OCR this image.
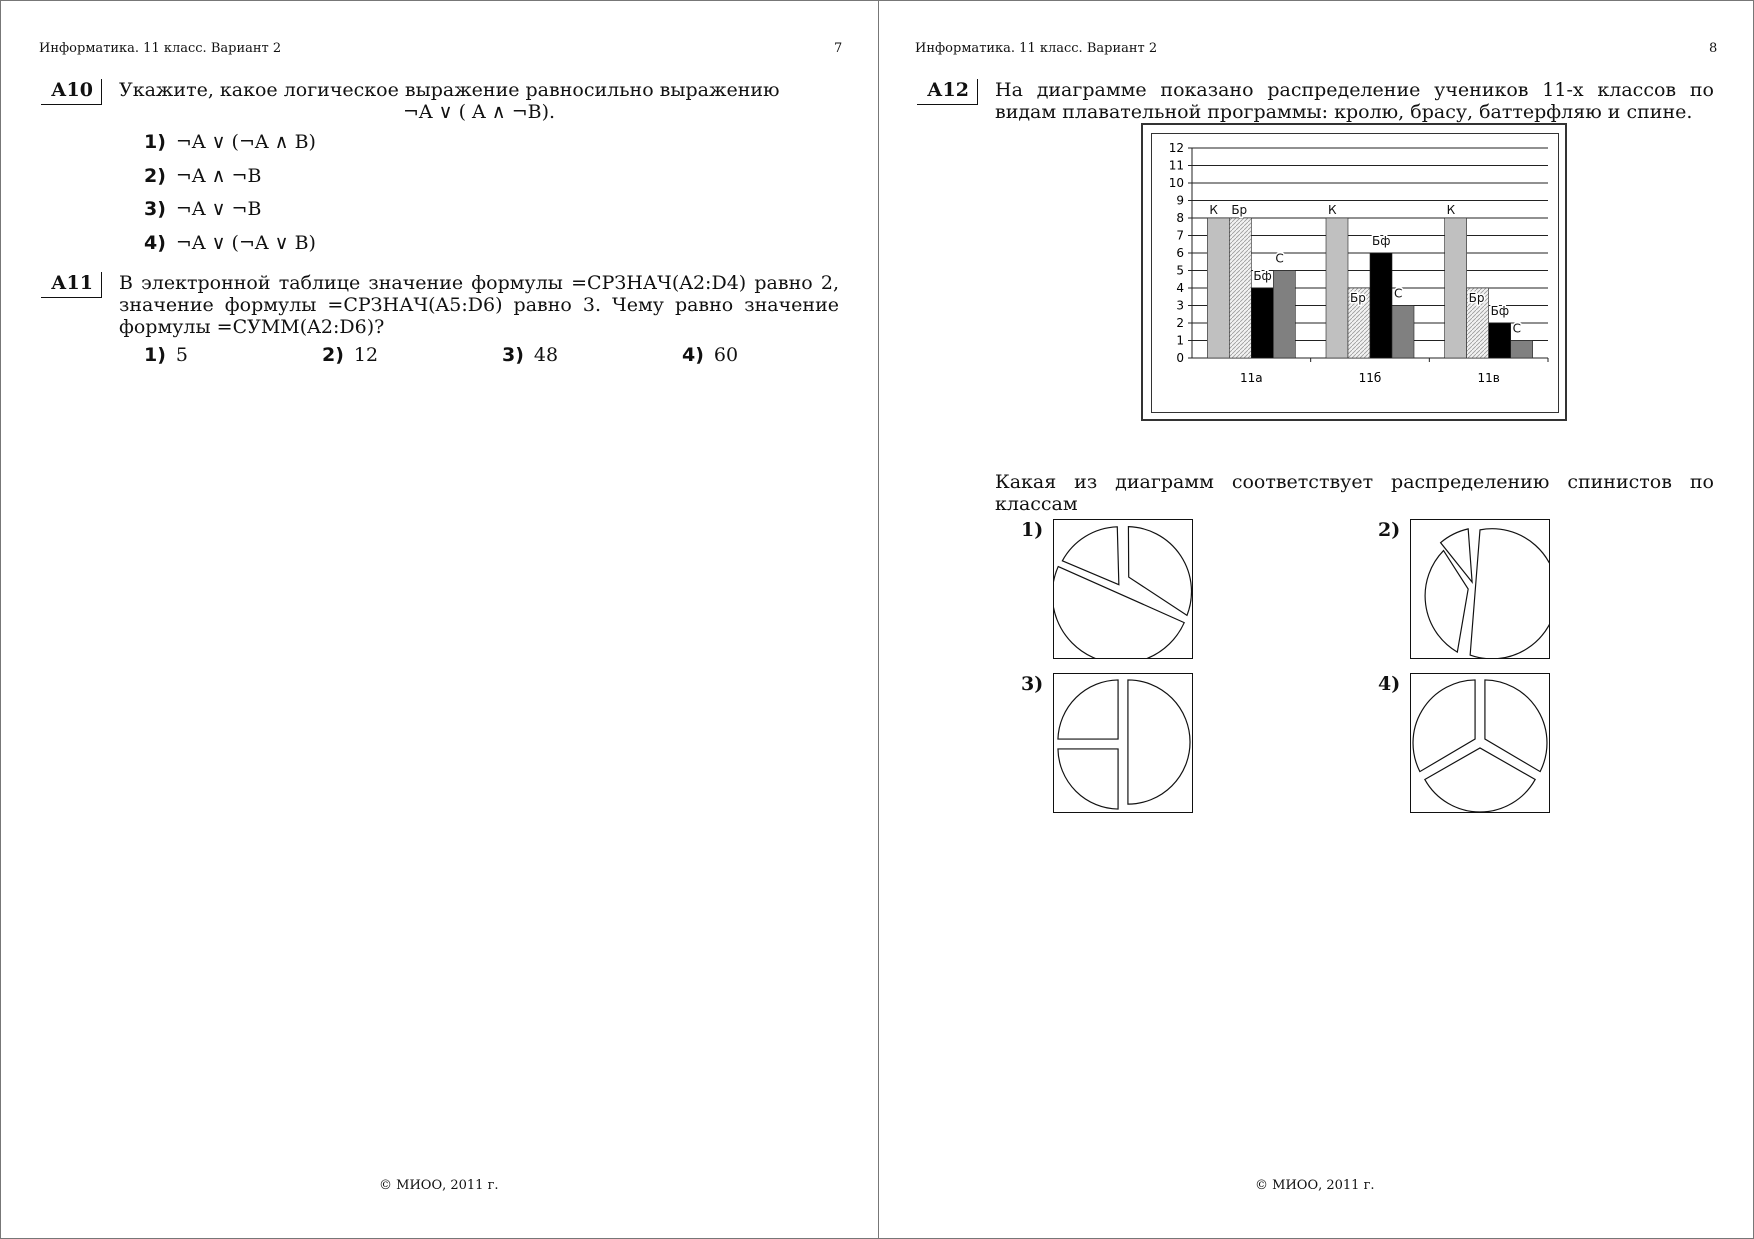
Информатика. 11 класс. Вариант 2	7
А10	Укажите, какое логическое выражение равносильно выражению
¬A ∨ ( A ∧ ¬B).
1) ¬A ∨ (¬A ∧ B)
2) ¬A ∧ ¬B
3) ¬A ∨ ¬B
4) ¬A ∨ (¬A ∨ B)
А11	В электронной таблице значение формулы =СРЗНАЧ(A2:D4) равно 2, значение формулы =СРЗНАЧ(A5:D6) равно 3. Чему равно значение формулы =СУММ(A2:D6)?
1) 5	2) 12	3) 48	4) 60
© МИОО, 2011 г.
Информатика. 11 класс. Вариант 2	8
А12	На диаграмме показано распределение учеников 11-х классов по видам плавательной программы: кролю, брасу, баттерфляю и спине.
Какая из диаграмм соответствует распределению спинистов по классам
1)	2)
3)	4)
© МИОО, 2011 г.
0
1
2
3
4
5
6
7
8
9
10
11
12
К Бр
Бф
С
11а
К
Бр
Бф
С
11б
К
Бр
Бф
С
11в
